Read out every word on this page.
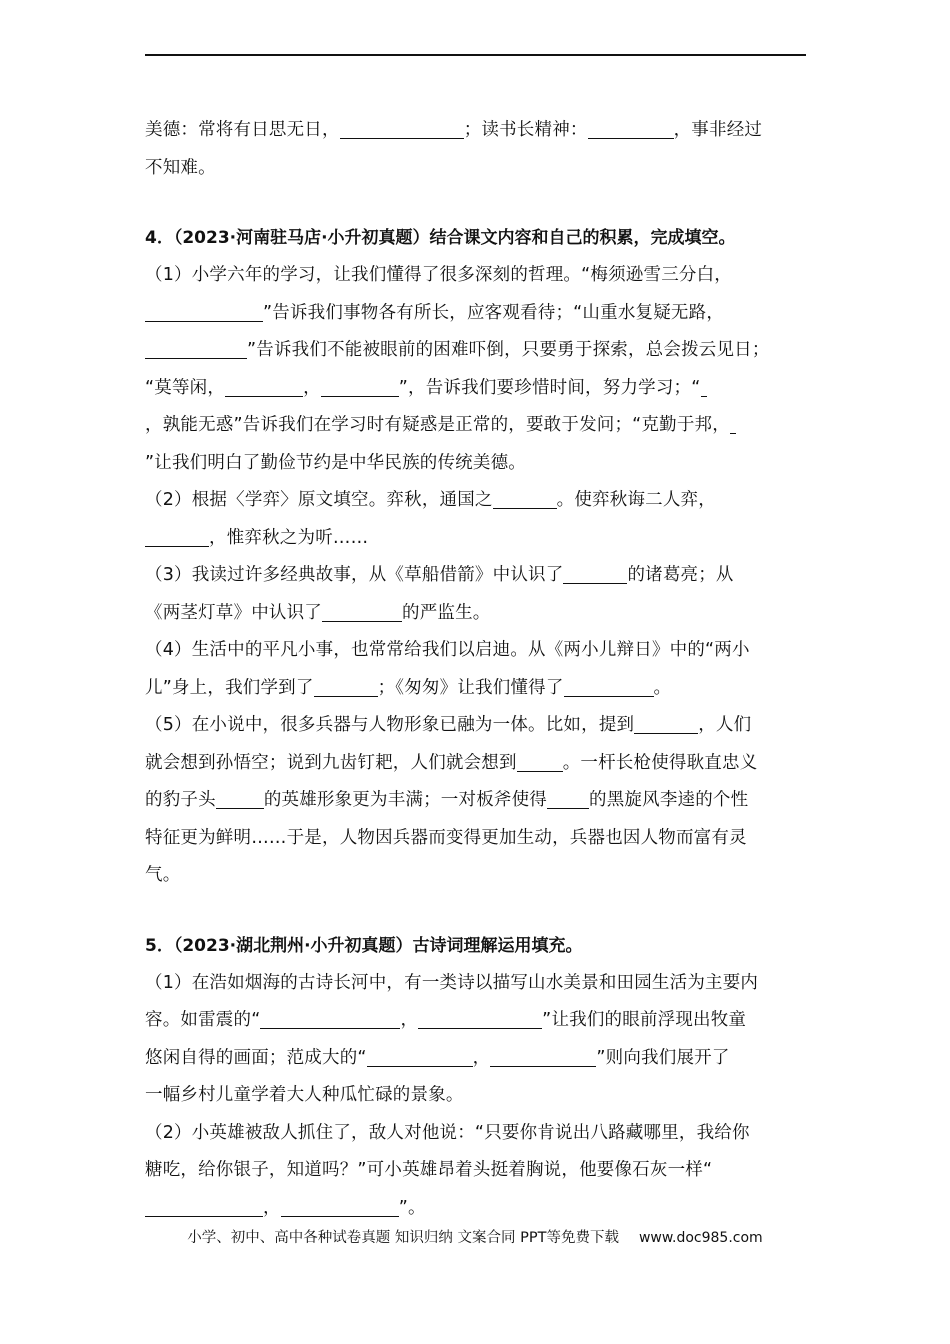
美德：常将有日思无日，	；读书长精神：	，事非经过
不知难。
4．（2023·河南驻马店·小升初真题）结合课文内容和自己的积累，完成填空。
（1）小学六年的学习，让我们懂得了很多深刻的哲理。“梅须逊雪三分白，
”告诉我们事物各有所长，应客观看待；“山重水复疑无路，
”告诉我们不能被眼前的困难吓倒，只要勇于探索，总会拨云见日；
“莫等闲，	，	”，告诉我们要珍惜时间，努力学习；“
，孰能无惑”告诉我们在学习时有疑惑是正常的，要敢于发问；“克勤于邦，
”让我们明白了勤俭节约是中华民族的传统美德。
（2）根据〈学弈〉原文填空。弈秋，通国之	。使弈秋诲二人弈，
，惟弈秋之为听……
（3）我读过许多经典故事，从《草船借箭》中认识了	的诸葛亮；从
《两茎灯草》中认识了	的严监生。
（4）生活中的平凡小事，也常常给我们以启迪。从《两小儿辩日》中的“两小
儿”身上，我们学到了	；《匆匆》让我们懂得了	。
（5）在小说中，很多兵器与人物形象已融为一体。比如，提到	，人们
就会想到孙悟空；说到九齿钉耙，人们就会想到	。一杆长枪使得耿直忠义
的豹子头	的英雄形象更为丰满；一对板斧使得 的黑旋风李逵的个性
特征更为鲜明……于是，人物因兵器而变得更加生动，兵器也因人物而富有灵
气。
5．（2023·湖北荆州·小升初真题）古诗词理解运用填充。
（1）在浩如烟海的古诗长河中，有一类诗以描写山水美景和田园生活为主要内
容。如雷震的“	，	”让我们的眼前浮现出牧童
悠闲自得的画面；范成大的“	，	”则向我们展开了
一幅乡村儿童学着大人种瓜忙碌的景象。
（2）小英雄被敌人抓住了，敌人对他说：“只要你肯说出八路藏哪里，我给你
糖吃，给你银子，知道吗？”可小英雄昂着头挺着胸说，他要像石灰一样“
，	”。
小学、初中、高中各种试卷真题 知识归纳 文案合同 PPT等免费下载 www.doc985.com
